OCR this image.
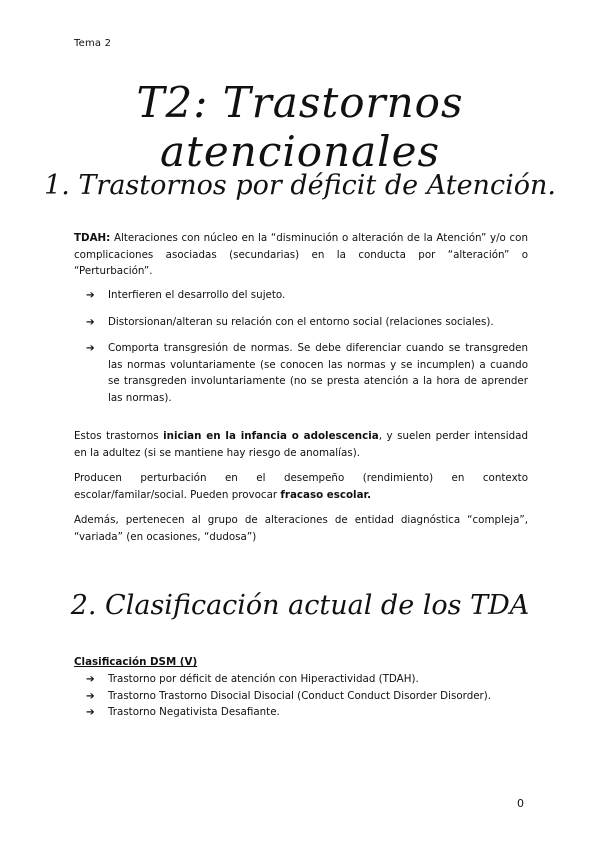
Tema 2
T2: Trastornos atencionales
1. Trastornos por déficit de Atención.

TDAH: Alteraciones con núcleo en la “disminución o alteración de la Atención” y/o con complicaciones asociadas (secundarias) en la conducta por “alteración” o “Perturbación”.

➔ Interfieren el desarrollo del sujeto.
➔ Distorsionan/alteran su relación con el entorno social (relaciones sociales).
➔ Comporta transgresión de normas. Se debe diferenciar cuando se transgreden las normas voluntariamente (se conocen las normas y se incumplen) a cuando se transgreden involuntariamente (no se presta atención a la hora de aprender las normas).

Estos trastornos inician en la infancia o adolescencia, y suelen perder intensidad en la adultez (si se mantiene hay riesgo de anomalías).

Producen perturbación en el desempeño (rendimiento) en contexto escolar/familar/social. Pueden provocar fracaso escolar.

Además, pertenecen al grupo de alteraciones de entidad diagnóstica “compleja”, “variada” (en ocasiones, “dudosa”)

2. Clasificación actual de los TDA
Clasificación DSM (V)
➔ Trastorno por déficit de atención con Hiperactividad (TDAH).
➔ Trastorno Trastorno Disocial Disocial (Conduct Conduct Disorder Disorder).
➔ Trastorno Negativista Desafiante.
0
